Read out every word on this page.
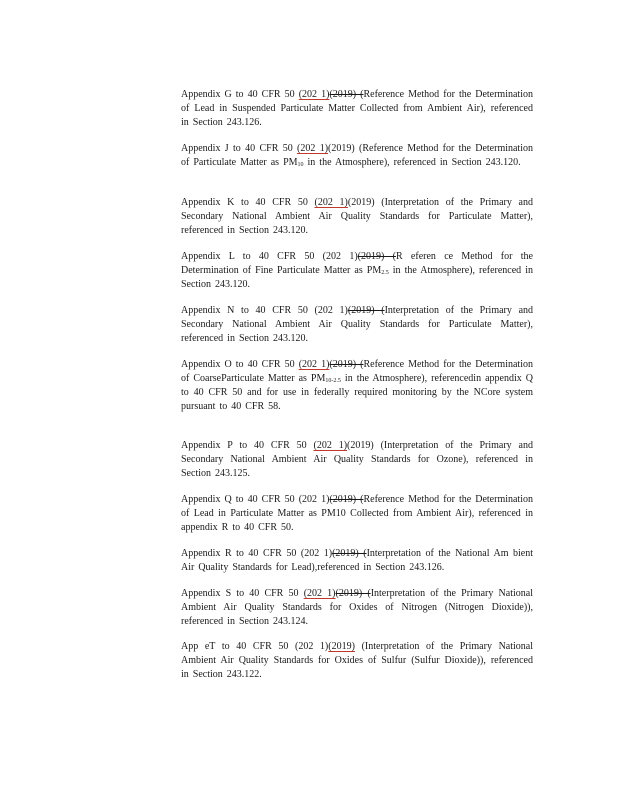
Appendix G to 40 CFR 50 (202 1)(2019) (Reference Method for the Determination of Lead in Suspended Particulate Matter Collected from Ambient Air), referenced in Section 243.126.

Appendix J to 40 CFR 50 (202 1)(2019) (Reference Method for the Determination of Particulate Matter as $PM_{10}$ in the Atmosphere), referenced in Section 243.120.

Appendix K to 40 CFR 50 (202 1)(2019) (Interpretation of the Primary and Secondary National Ambient Air Quality Standards for Particulate Matter), referenced in Section 243.120.

Appendix L to 40 CFR 50 (202 1)(2019) (R eferen ce Method for the Determination of Fine Particulate Matter as $PM_{2.5}$ in the Atmosphere), referenced in Section 243.120.

Appendix N to 40 CFR 50 (202 1)(2019) (Interpretation of the Primary and Secondary National Ambient Air Quality Standards for Particulate Matter), referenced in Section 243.120.

Appendix O to 40 CFR 50 (202 1)(2019) (Reference Method for the Determination of CoarseParticulate Matter as $PM_{10-2.5}$ in the Atmosphere), referencedin appendix Q to 40 CFR 50 and for use in federally required monitoring by the NCore system pursuant to 40 CFR 58.

Appendix P to 40 CFR 50 (202 1)(2019) (Interpretation of the Primary and Secondary National Ambient Air Quality Standards for Ozone), referenced in Section 243.125.

Appendix Q to 40 CFR 50 (202 1)(2019) (Reference Method for the Determination of Lead in Particulate Matter as PM10 Collected from Ambient Air), referenced in appendix R to 40 CFR 50.

Appendix R to 40 CFR 50 (202 1)(2019) (Interpretation of the National Am bient Air Quality Standards for Lead),referenced in Section 243.126.

Appendix S to 40 CFR 50 (202 1)(2019) (Interpretation of the Primary National Ambient Air Quality Standards for Oxides of Nitrogen (Nitrogen Dioxide)), referenced in Section 243.124.

App eT to 40 CFR 50 (202 1)(2019) (Interpretation of the Primary National Ambient Air Quality Standards for Oxides of Sulfur (Sulfur Dioxide)), referenced in Section 243.122.
